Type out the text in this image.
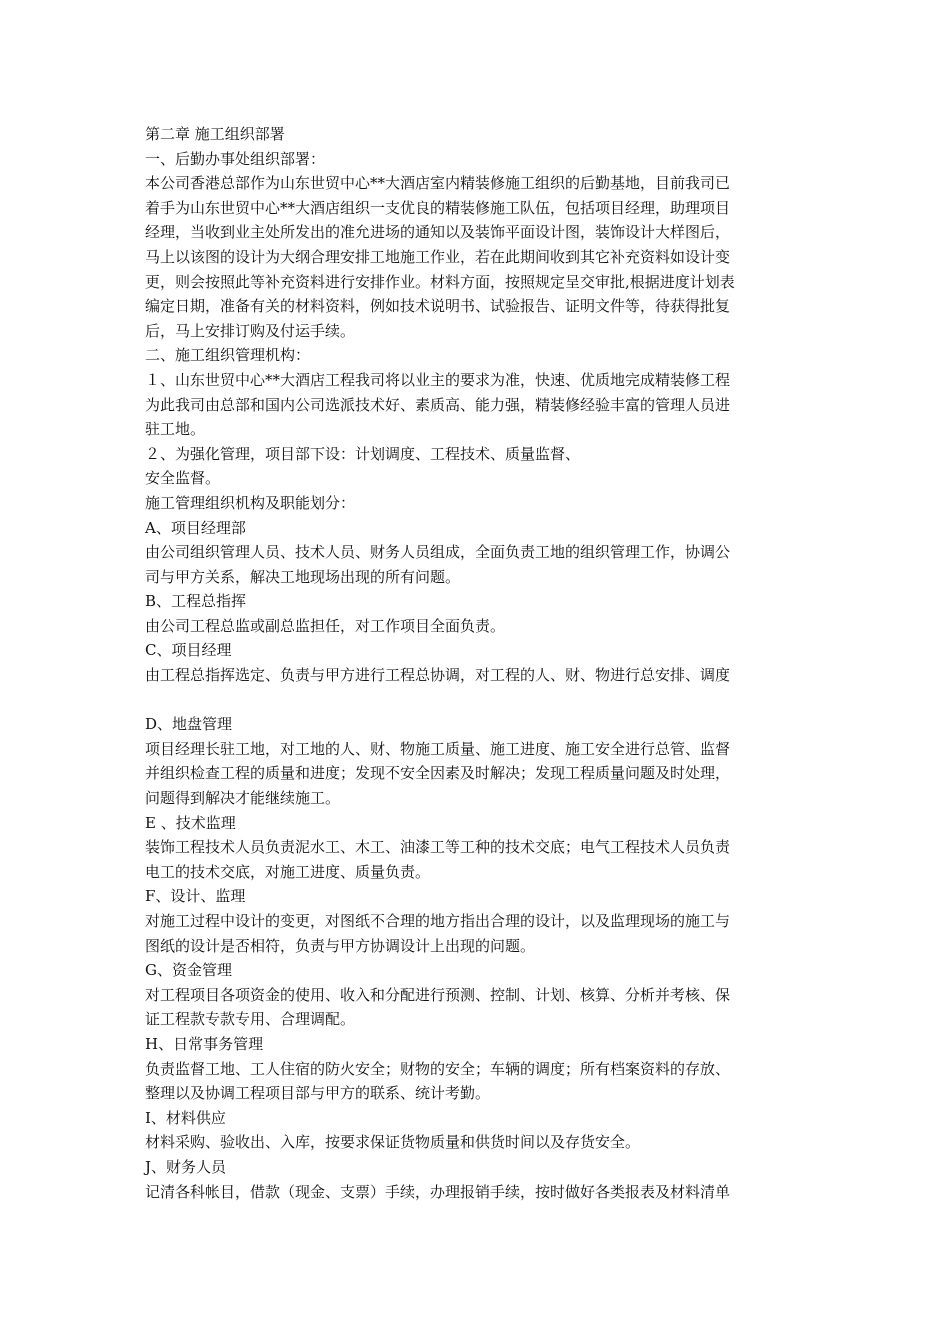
第二章 施工组织部署
一、后勤办事处组织部署：
本公司香港总部作为山东世贸中心**大酒店室内精装修施工组织的后勤基地，目前我司已
着手为山东世贸中心**大酒店组织一支优良的精装修施工队伍，包括项目经理，助理项目
经理，当收到业主处所发出的准允进场的通知以及装饰平面设计图，装饰设计大样图后，
马上以该图的设计为大纲合理安排工地施工作业，若在此期间收到其它补充资料如设计变
更，则会按照此等补充资料进行安排作业。材料方面，按照规定呈交审批,根据进度计划表
编定日期，准备有关的材料资料，例如技术说明书、试验报告、证明文件等，待获得批复
后，马上安排订购及付运手续。
二、施工组织管理机构：
１、山东世贸中心**大酒店工程我司将以业主的要求为准，快速、优质地完成精装修工程
为此我司由总部和国内公司选派技术好、素质高、能力强，精装修经验丰富的管理人员进
驻工地。
２、为强化管理，项目部下设：计划调度、工程技术、质量监督、
安全监督。
施工管理组织机构及职能划分：
A、项目经理部
由公司组织管理人员、技术人员、财务人员组成，全面负责工地的组织管理工作，协调公
司与甲方关系，解决工地现场出现的所有问题。
B、工程总指挥
由公司工程总监或副总监担任，对工作项目全面负责。
C、项目经理
由工程总指挥选定、负责与甲方进行工程总协调，对工程的人、财、物进行总安排、调度
D、地盘管理
项目经理长驻工地，对工地的人、财、物施工质量、施工进度、施工安全进行总管、监督
并组织检查工程的质量和进度；发现不安全因素及时解决；发现工程质量问题及时处理，
问题得到解决才能继续施工。
E 、技术监理
装饰工程技术人员负责泥水工、木工、油漆工等工种的技术交底；电气工程技术人员负责
电工的技术交底，对施工进度、质量负责。
F、设计、监理
对施工过程中设计的变更，对图纸不合理的地方指出合理的设计，以及监理现场的施工与
图纸的设计是否相符，负责与甲方协调设计上出现的问题。
G、资金管理
对工程项目各项资金的使用、收入和分配进行预测、控制、计划、核算、分析并考核、保
证工程款专款专用、合理调配。
H、日常事务管理
负责监督工地、工人住宿的防火安全；财物的安全；车辆的调度；所有档案资料的存放、
整理以及协调工程项目部与甲方的联系、统计考勤。
I、材料供应
材料采购、验收出、入库，按要求保证货物质量和供货时间以及存货安全。
J、财务人员
记清各科帐目，借款（现金、支票）手续，办理报销手续，按时做好各类报表及材料清单
